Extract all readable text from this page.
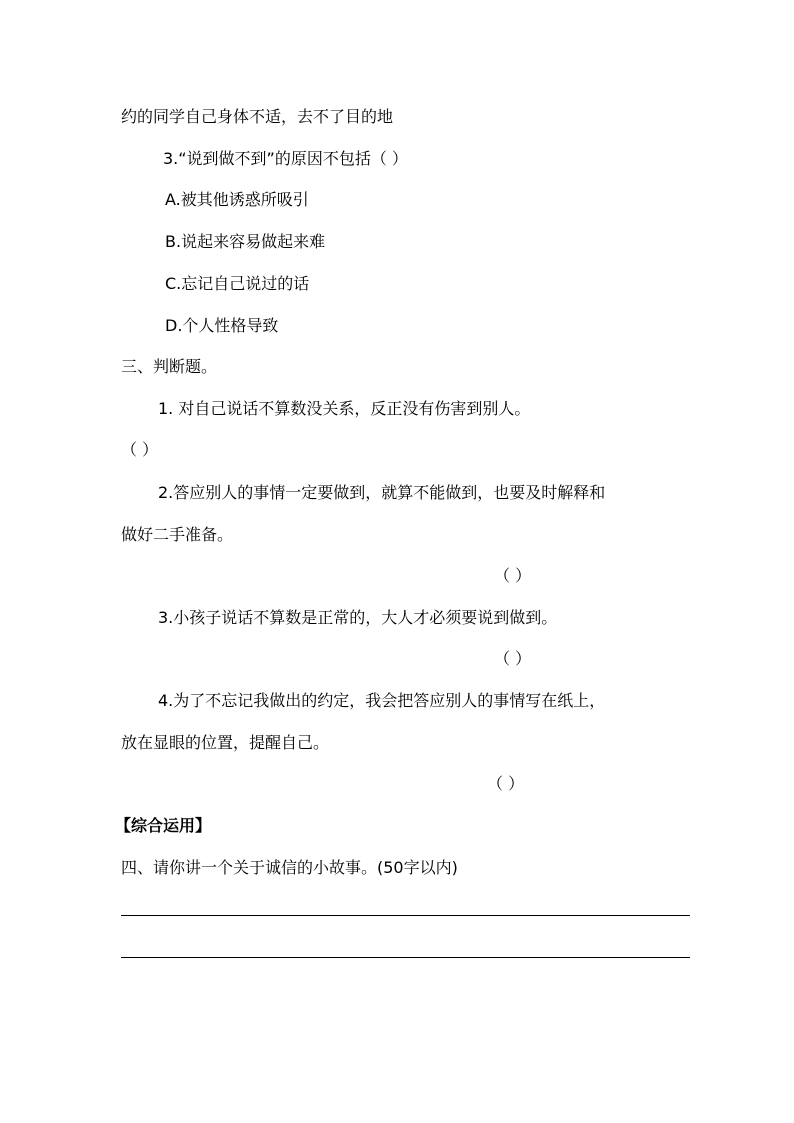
约的同学自己身体不适，去不了目的地
3.“说到做不到”的原因不包括（ ）
A.被其他诱惑所吸引
B.说起来容易做起来难
C.忘记自己说过的话
D.个人性格导致
三、判断题。
1. 对自己说话不算数没关系，反正没有伤害到别人。
（ ）
2.答应别人的事情一定要做到，就算不能做到，也要及时解释和
做好二手准备。
（ ）
3.小孩子说话不算数是正常的，大人才必须要说到做到。
（ ）
4.为了不忘记我做出的约定，我会把答应别人的事情写在纸上，
放在显眼的位置，提醒自己。
（ ）
【综合运用】
四、请你讲一个关于诚信的小故事。(50字以内)
